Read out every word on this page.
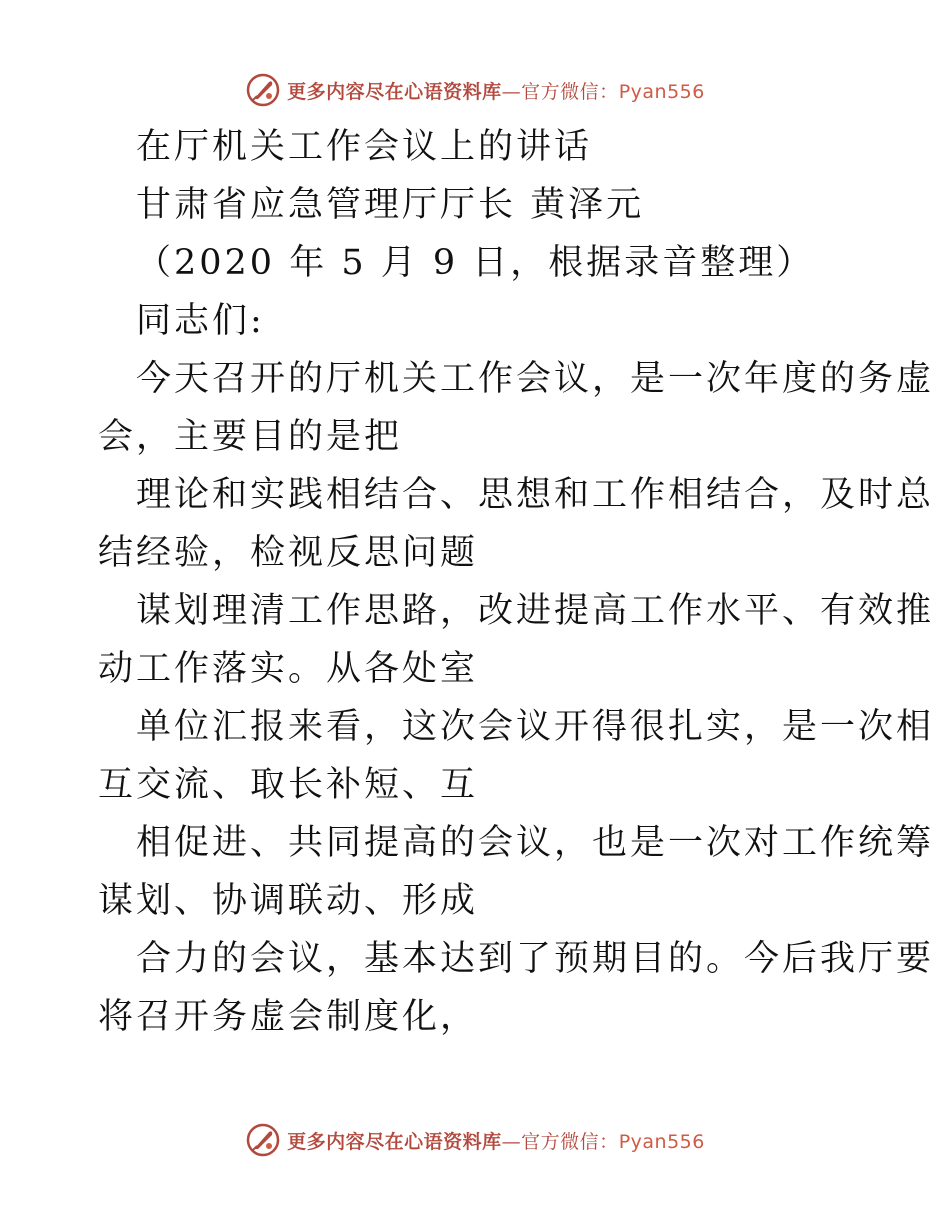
更多内容尽在心语资料库—官方微信：Pyan556
在厅机关工作会议上的讲话
甘肃省应急管理厅厅长 黄泽元
（2020 年 5 月 9 日，根据录音整理）
同志们:
今天召开的厅机关工作会议，是一次年度的务虚
会，主要目的是把
理论和实践相结合、思想和工作相结合，及时总
结经验，检视反思问题
谋划理清工作思路，改进提高工作水平、有效推
动工作落实。从各处室
单位汇报来看，这次会议开得很扎实，是一次相
互交流、取长补短、互
相促进、共同提高的会议，也是一次对工作统筹
谋划、协调联动、形成
合力的会议，基本达到了预期目的。今后我厅要
将召开务虚会制度化，
更多内容尽在心语资料库—官方微信：Pyan556
